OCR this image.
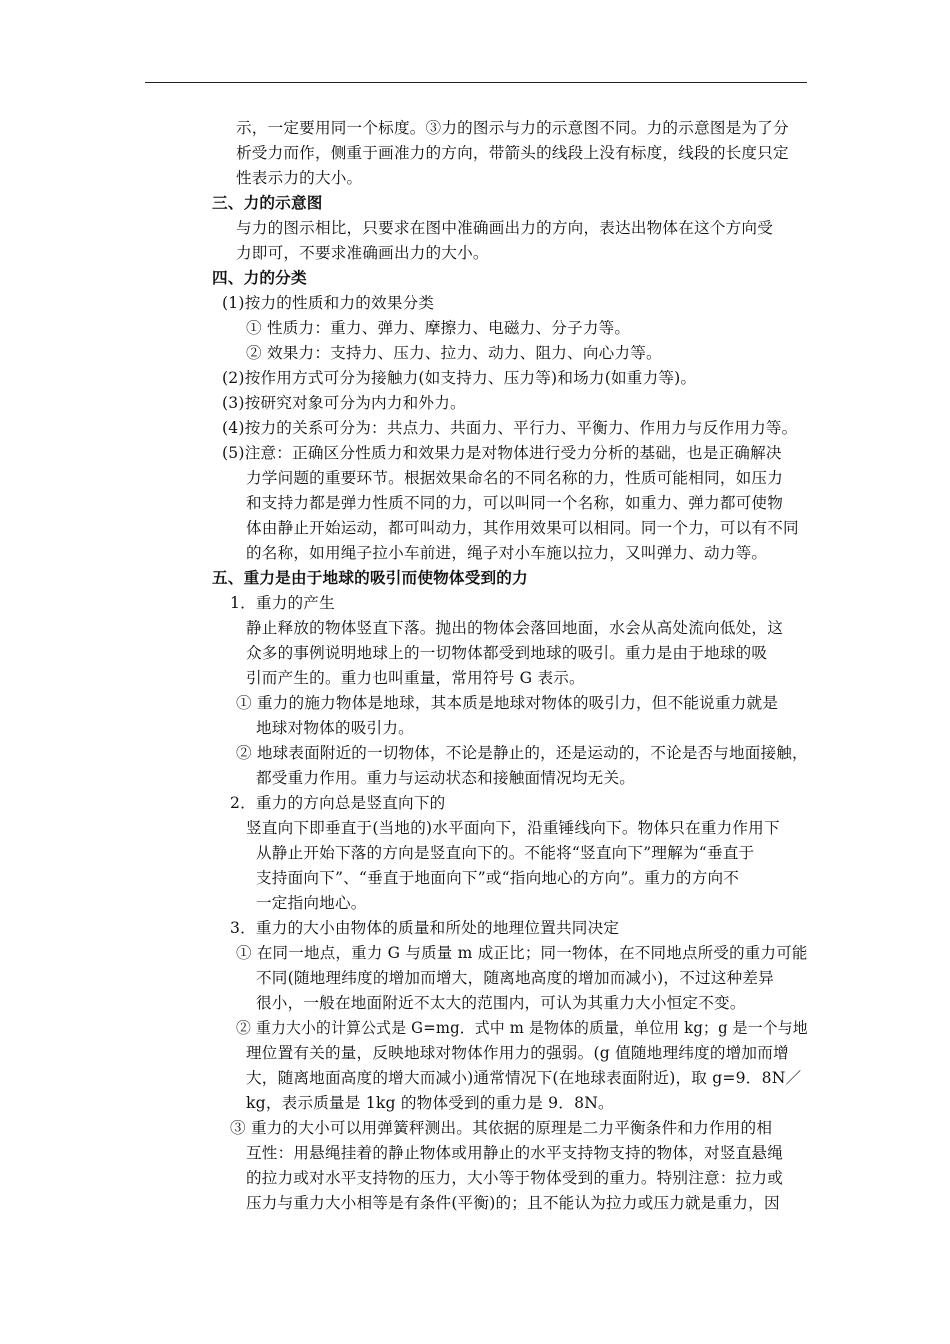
示，一定要用同一个标度。③力的图示与力的示意图不同。力的示意图是为了分
析受力而作，侧重于画准力的方向，带箭头的线段上没有标度，线段的长度只定
性表示力的大小。
三、力的示意图
与力的图示相比，只要求在图中准确画出力的方向，表达出物体在这个方向受
力即可，不要求准确画出力的大小。
四、力的分类
(1)按力的性质和力的效果分类
① 性质力：重力、弹力、摩擦力、电磁力、分子力等。
② 效果力：支持力、压力、拉力、动力、阻力、向心力等。
(2)按作用方式可分为接触力(如支持力、压力等)和场力(如重力等)。
(3)按研究对象可分为内力和外力。
(4)按力的关系可分为：共点力、共面力、平行力、平衡力、作用力与反作用力等。
(5)注意：正确区分性质力和效果力是对物体进行受力分析的基础，也是正确解决
力学问题的重要环节。根据效果命名的不同名称的力，性质可能相同，如压力
和支持力都是弹力性质不同的力，可以叫同一个名称，如重力、弹力都可使物
体由静止开始运动，都可叫动力，其作用效果可以相同。同一个力，可以有不同
的名称，如用绳子拉小车前进，绳子对小车施以拉力，又叫弹力、动力等。
五、重力是由于地球的吸引而使物体受到的力
1．重力的产生
静止释放的物体竖直下落。抛出的物体会落回地面，水会从高处流向低处，这
众多的事例说明地球上的一切物体都受到地球的吸引。重力是由于地球的吸
引而产生的。重力也叫重量，常用符号 G 表示。
① 重力的施力物体是地球，其本质是地球对物体的吸引力，但不能说重力就是
地球对物体的吸引力。
② 地球表面附近的一切物体，不论是静止的，还是运动的，不论是否与地面接触，
都受重力作用。重力与运动状态和接触面情况均无关。
2．重力的方向总是竖直向下的
竖直向下即垂直于(当地的)水平面向下，沿重锤线向下。物体只在重力作用下
从静止开始下落的方向是竖直向下的。不能将“竖直向下”理解为“垂直于
支持面向下”、“垂直于地面向下”或“指向地心的方向”。重力的方向不
一定指向地心。
3．重力的大小由物体的质量和所处的地理位置共同决定
① 在同一地点，重力 G 与质量 m 成正比；同一物体，在不同地点所受的重力可能
不同(随地理纬度的增加而增大，随离地高度的增加而减小)，不过这种差异
很小，一般在地面附近不太大的范围内，可认为其重力大小恒定不变。
② 重力大小的计算公式是 G=mg．式中 m 是物体的质量，单位用 kg；g 是一个与地
理位置有关的量，反映地球对物体作用力的强弱。(g 值随地理纬度的增加而增
大，随离地面高度的增大而减小)通常情况下(在地球表面附近)，取 g=9．8N／
kg，表示质量是 1kg 的物体受到的重力是 9．8N。
③ 重力的大小可以用弹簧秤测出。其依据的原理是二力平衡条件和力作用的相
互性：用悬绳挂着的静止物体或用静止的水平支持物支持的物体，对竖直悬绳
的拉力或对水平支持物的压力，大小等于物体受到的重力。特别注意：拉力或
压力与重力大小相等是有条件(平衡)的；且不能认为拉力或压力就是重力，因
